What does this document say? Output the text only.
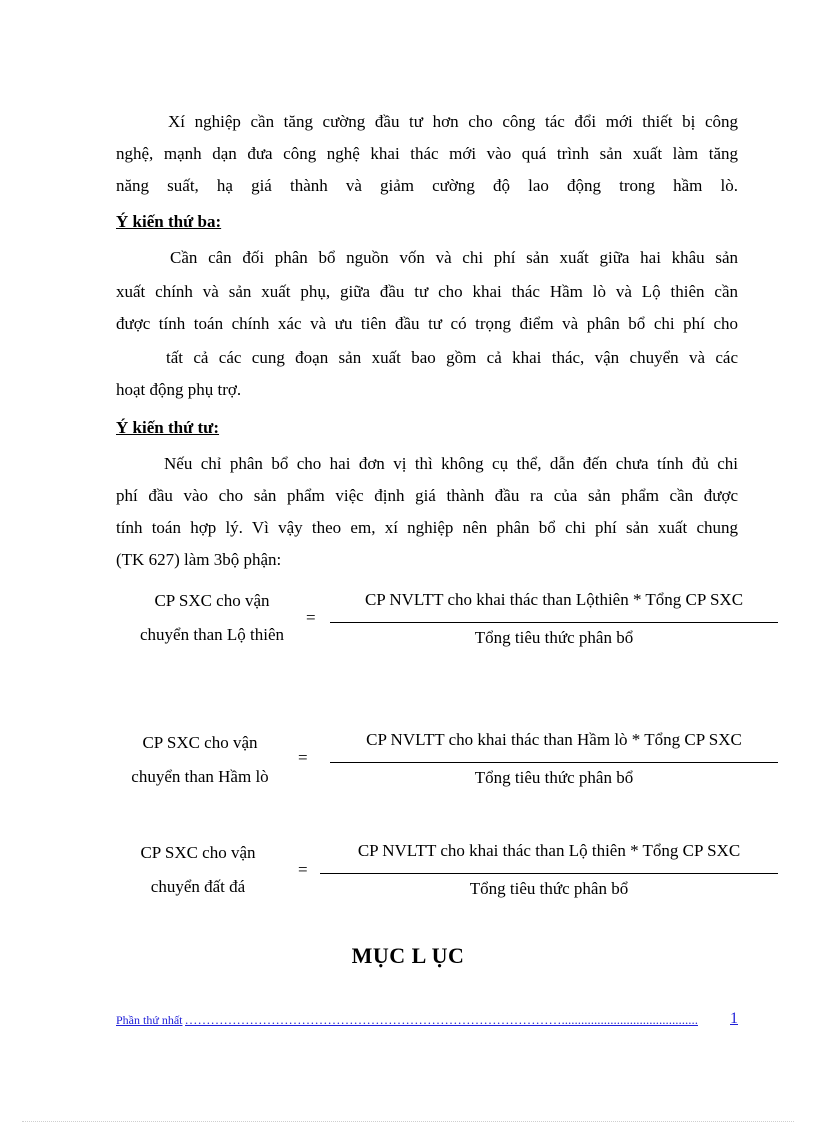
Xí nghiệp cần tăng cường đầu tư hơn cho công tác đổi mới thiết bị công
nghệ, mạnh dạn đưa công nghệ khai thác mới vào quá trình sản xuất làm tăng
năng suất, hạ giá thành và giảm cường độ lao động trong hầm lò.
Ý kiến thứ ba:
Cần cân đối phân bổ nguồn vốn và chi phí sản xuất giữa hai khâu sản
xuất chính và sản xuất phụ, giữa đầu tư cho khai thác Hầm lò và Lộ thiên cần
được tính toán chính xác và ưu tiên đầu tư có trọng điểm và phân bổ chi phí cho
tất cả các cung đoạn sản xuất bao gồm cả khai thác, vận chuyển và các
hoạt động phụ trợ.
Ý kiến thứ tư:
Nếu chỉ phân bổ cho hai đơn vị thì không cụ thể, dẫn đến chưa tính đủ chi
phí đầu vào cho sản phẩm việc định giá thành đầu ra của sản phẩm cần được
tính toán hợp lý. Vì vậy theo em, xí nghiệp nên phân bổ chi phí sản xuất chung
(TK 627) làm 3bộ phận:
CP SXC cho vận
chuyển than Lộ thiên
=
CP NVLTT cho khai thác than Lộthiên * Tổng CP SXC
Tổng tiêu thức phân bổ
CP SXC cho vận
chuyển than Hầm lò
=
CP NVLTT cho khai thác than Hầm lò * Tổng CP SXC
Tổng tiêu thức phân bổ
CP SXC cho vận
chuyển đất đá
=
CP NVLTT cho khai thác than Lộ thiên * Tổng CP SXC
Tổng tiêu thức phân bổ
MỤC L ỤC
Phần thứ nhất ……………………………………………………………………………..........................................	1
